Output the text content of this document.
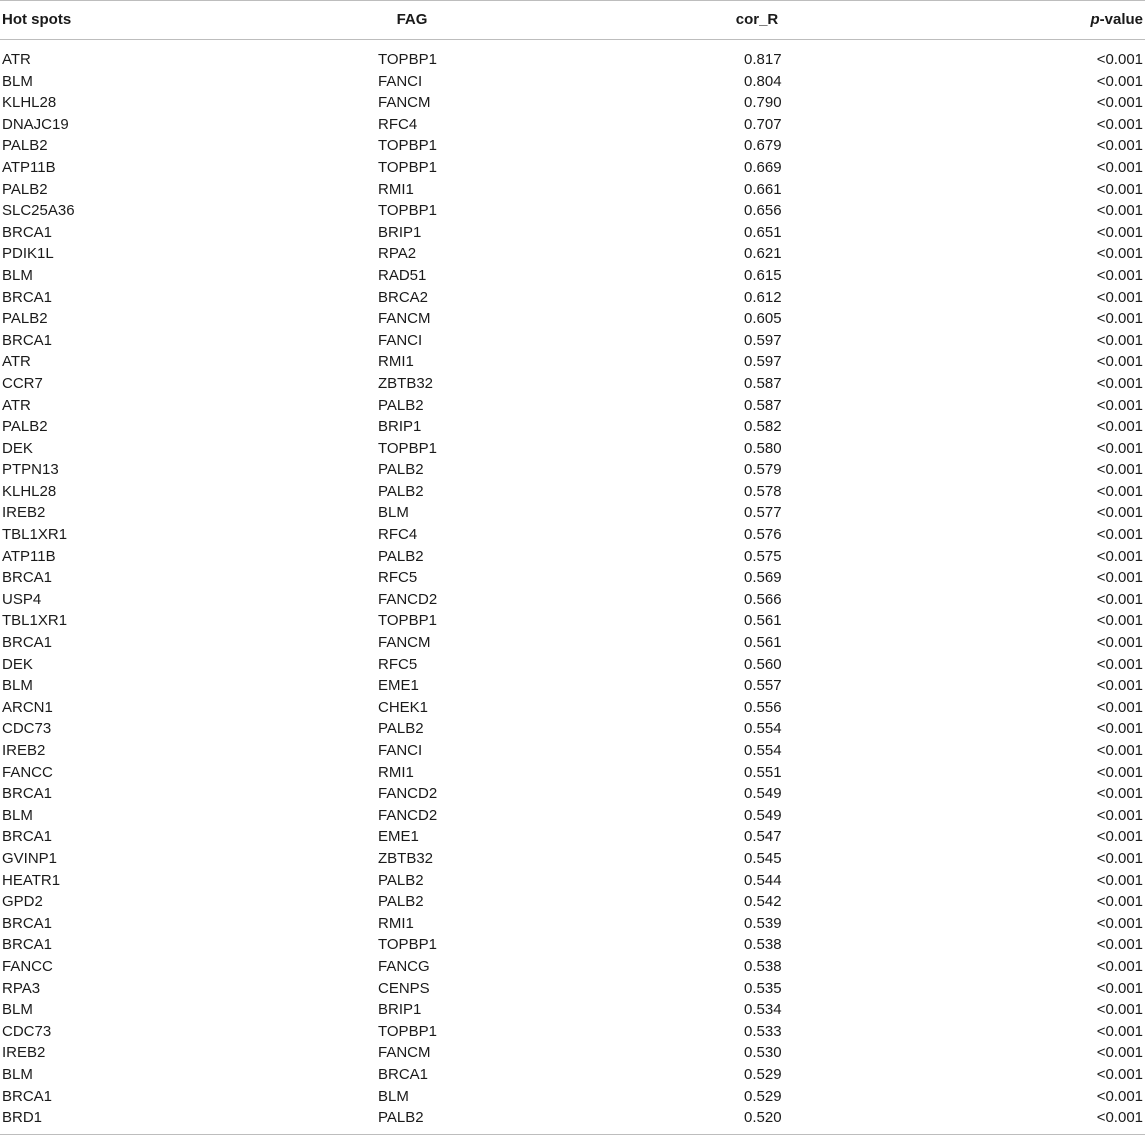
Hot spots	FAG	cor_R	p-value
ATR	TOPBP1	0.817	<0.001
BLM	FANCI	0.804	<0.001
KLHL28	FANCM	0.790	<0.001
DNAJC19	RFC4	0.707	<0.001
PALB2	TOPBP1	0.679	<0.001
ATP11B	TOPBP1	0.669	<0.001
PALB2	RMI1	0.661	<0.001
SLC25A36	TOPBP1	0.656	<0.001
BRCA1	BRIP1	0.651	<0.001
PDIK1L	RPA2	0.621	<0.001
BLM	RAD51	0.615	<0.001
BRCA1	BRCA2	0.612	<0.001
PALB2	FANCM	0.605	<0.001
BRCA1	FANCI	0.597	<0.001
ATR	RMI1	0.597	<0.001
CCR7	ZBTB32	0.587	<0.001
ATR	PALB2	0.587	<0.001
PALB2	BRIP1	0.582	<0.001
DEK	TOPBP1	0.580	<0.001
PTPN13	PALB2	0.579	<0.001
KLHL28	PALB2	0.578	<0.001
IREB2	BLM	0.577	<0.001
TBL1XR1	RFC4	0.576	<0.001
ATP11B	PALB2	0.575	<0.001
BRCA1	RFC5	0.569	<0.001
USP4	FANCD2	0.566	<0.001
TBL1XR1	TOPBP1	0.561	<0.001
BRCA1	FANCM	0.561	<0.001
DEK	RFC5	0.560	<0.001
BLM	EME1	0.557	<0.001
ARCN1	CHEK1	0.556	<0.001
CDC73	PALB2	0.554	<0.001
IREB2	FANCI	0.554	<0.001
FANCC	RMI1	0.551	<0.001
BRCA1	FANCD2	0.549	<0.001
BLM	FANCD2	0.549	<0.001
BRCA1	EME1	0.547	<0.001
GVINP1	ZBTB32	0.545	<0.001
HEATR1	PALB2	0.544	<0.001
GPD2	PALB2	0.542	<0.001
BRCA1	RMI1	0.539	<0.001
BRCA1	TOPBP1	0.538	<0.001
FANCC	FANCG	0.538	<0.001
RPA3	CENPS	0.535	<0.001
BLM	BRIP1	0.534	<0.001
CDC73	TOPBP1	0.533	<0.001
IREB2	FANCM	0.530	<0.001
BLM	BRCA1	0.529	<0.001
BRCA1	BLM	0.529	<0.001
BRD1	PALB2	0.520	<0.001
